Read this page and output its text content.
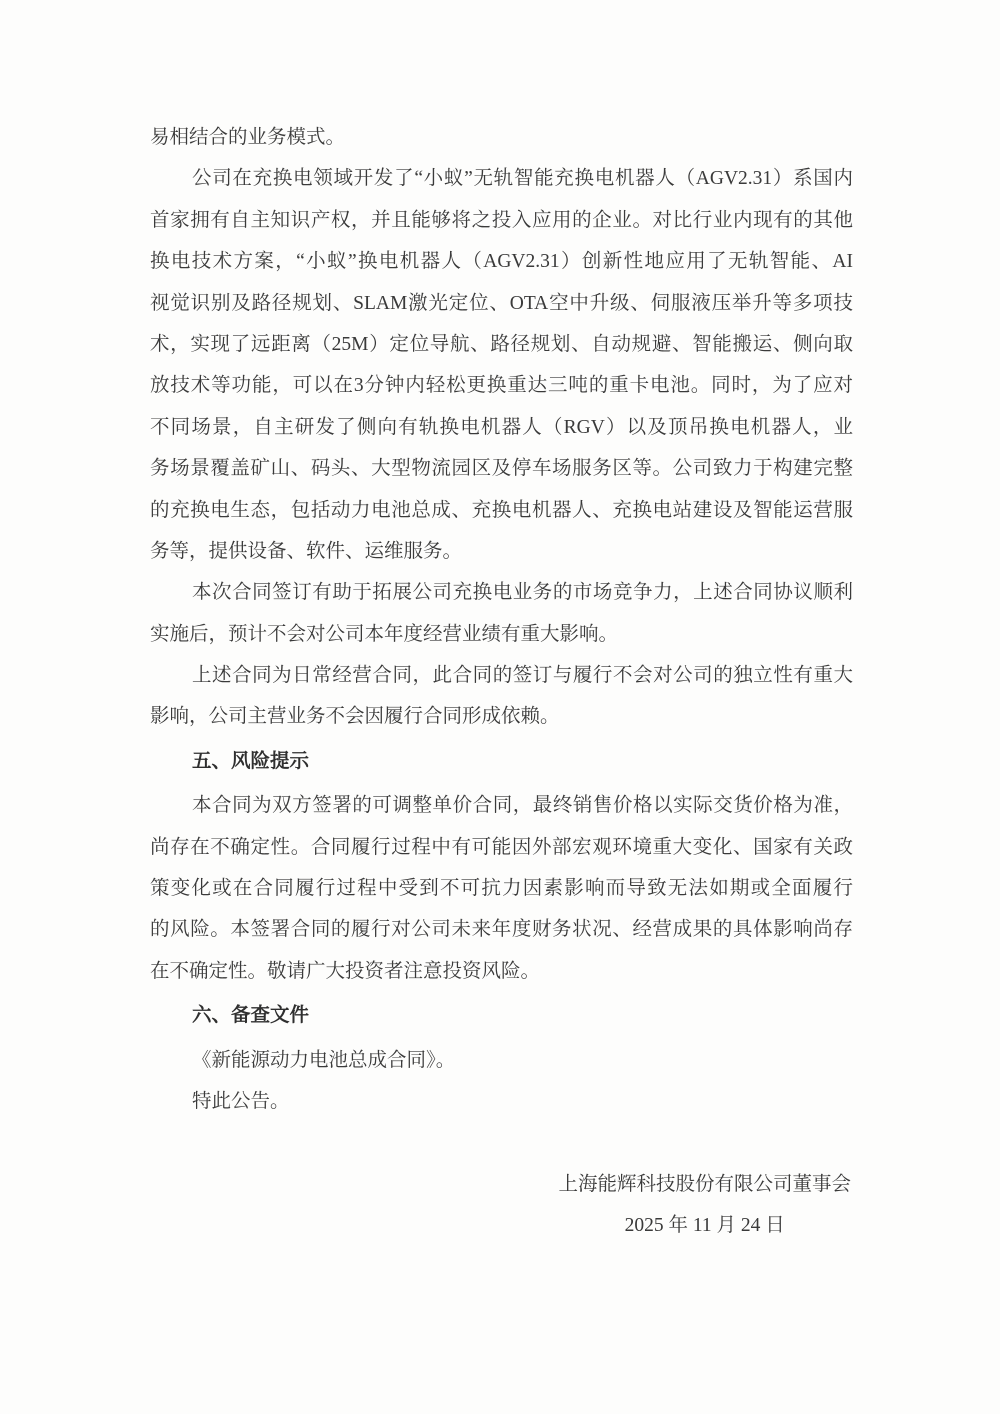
易相结合的业务模式。
公司在充换电领域开发了“小蚁”无轨智能充换电机器人（AGV2.31）系国内
首家拥有自主知识产权，并且能够将之投入应用的企业。对比行业内现有的其他
换电技术方案，“小蚁”换电机器人（AGV2.31）创新性地应用了无轨智能、AI
视觉识别及路径规划、SLAM激光定位、OTA空中升级、伺服液压举升等多项技
术，实现了远距离（25M）定位导航、路径规划、自动规避、智能搬运、侧向取
放技术等功能，可以在3分钟内轻松更换重达三吨的重卡电池。同时，为了应对
不同场景，自主研发了侧向有轨换电机器人（RGV）以及顶吊换电机器人，业
务场景覆盖矿山、码头、大型物流园区及停车场服务区等。公司致力于构建完整
的充换电生态，包括动力电池总成、充换电机器人、充换电站建设及智能运营服
务等，提供设备、软件、运维服务。
本次合同签订有助于拓展公司充换电业务的市场竞争力，上述合同协议顺利
实施后，预计不会对公司本年度经营业绩有重大影响。
上述合同为日常经营合同，此合同的签订与履行不会对公司的独立性有重大
影响，公司主营业务不会因履行合同形成依赖。
五、风险提示
本合同为双方签署的可调整单价合同，最终销售价格以实际交货价格为准，
尚存在不确定性。合同履行过程中有可能因外部宏观环境重大变化、国家有关政
策变化或在合同履行过程中受到不可抗力因素影响而导致无法如期或全面履行
的风险。本签署合同的履行对公司未来年度财务状况、经营成果的具体影响尚存
在不确定性。敬请广大投资者注意投资风险。
六、备查文件
《新能源动力电池总成合同》。
特此公告。
上海能辉科技股份有限公司董事会
2025 年 11 月 24 日
